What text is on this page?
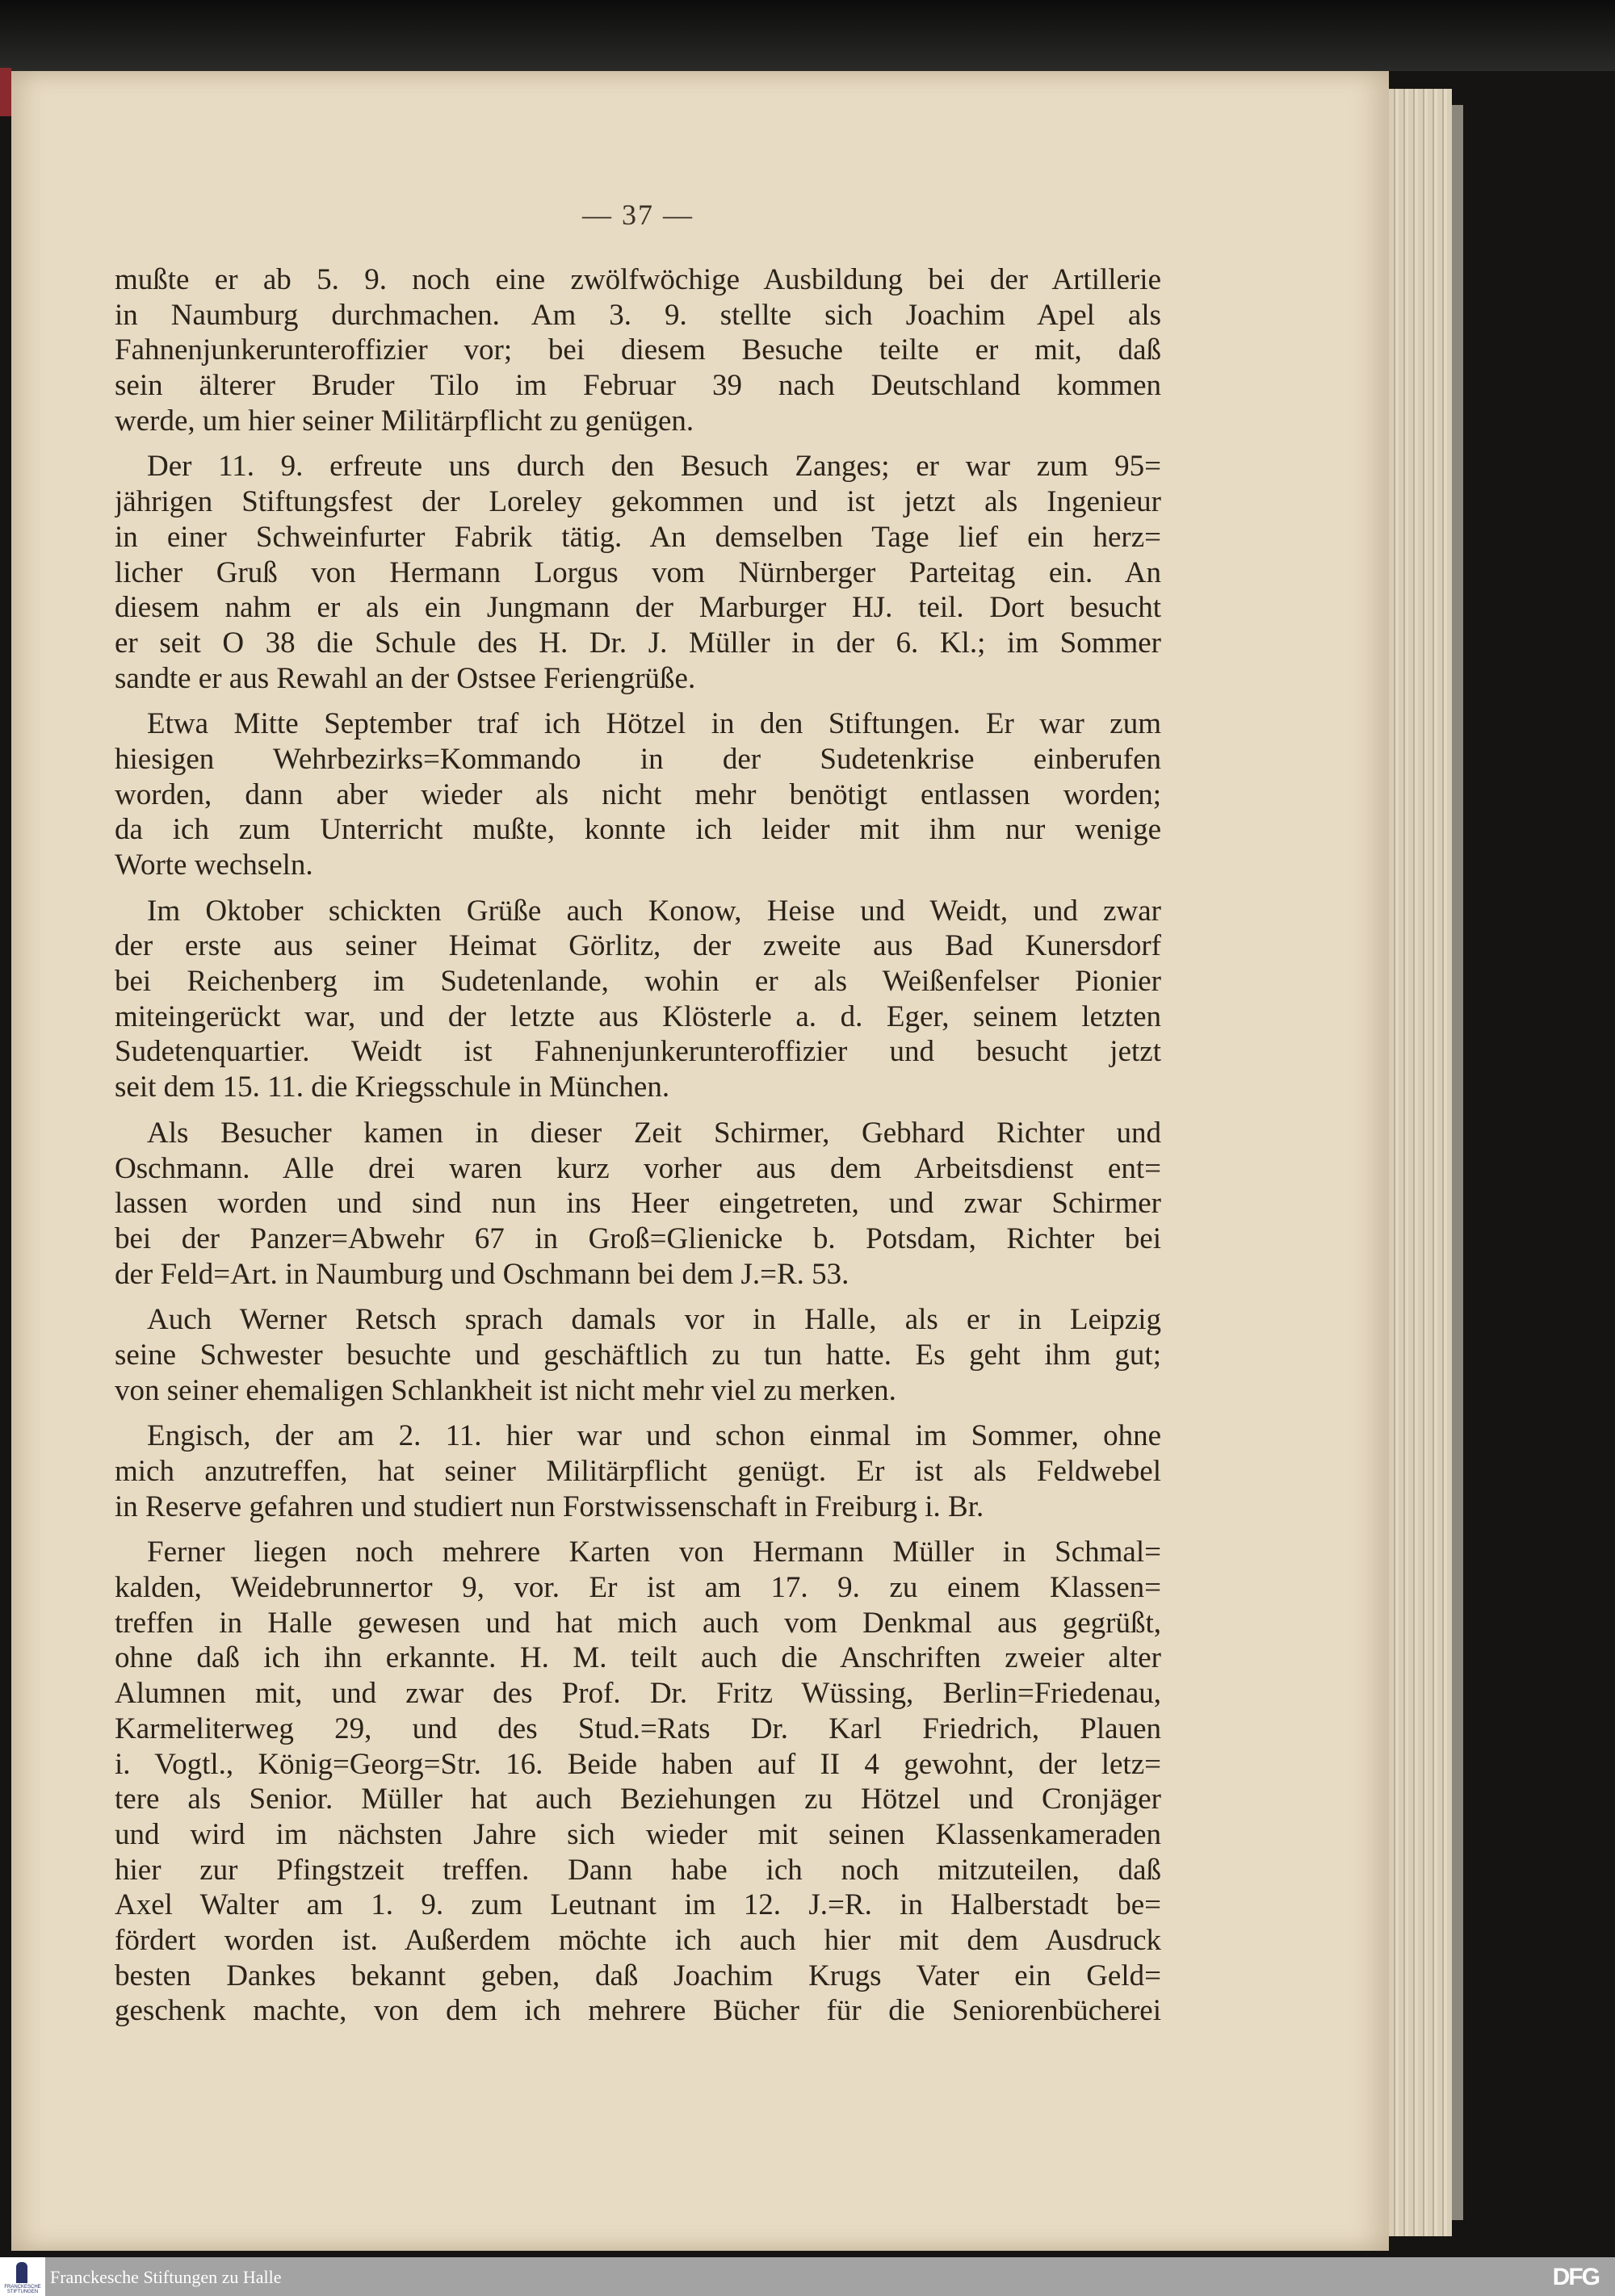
— 37 —
mußte er ab 5. 9. noch eine zwölfwöchige Ausbildung bei der Artillerie
in Naumburg durchmachen. Am 3. 9. stellte sich Joachim Apel als
Fahnenjunkerunteroffizier vor; bei diesem Besuche teilte er mit, daß
sein älterer Bruder Tilo im Februar 39 nach Deutschland kommen
werde, um hier seiner Militärpflicht zu genügen.
Der 11. 9. erfreute uns durch den Besuch Zanges; er war zum 95=
jährigen Stiftungsfest der Loreley gekommen und ist jetzt als Ingenieur
in einer Schweinfurter Fabrik tätig. An demselben Tage lief ein herz=
licher Gruß von Hermann Lorgus vom Nürnberger Parteitag ein. An
diesem nahm er als ein Jungmann der Marburger HJ. teil. Dort besucht
er seit O 38 die Schule des H. Dr. J. Müller in der 6. Kl.; im Sommer
sandte er aus Rewahl an der Ostsee Feriengrüße.
Etwa Mitte September traf ich Hötzel in den Stiftungen. Er war zum
hiesigen Wehrbezirks=Kommando in der Sudetenkrise einberufen
worden, dann aber wieder als nicht mehr benötigt entlassen worden;
da ich zum Unterricht mußte, konnte ich leider mit ihm nur wenige
Worte wechseln.
Im Oktober schickten Grüße auch Konow, Heise und Weidt, und zwar
der erste aus seiner Heimat Görlitz, der zweite aus Bad Kunersdorf
bei Reichenberg im Sudetenlande, wohin er als Weißenfelser Pionier
miteingerückt war, und der letzte aus Klösterle a. d. Eger, seinem letzten
Sudetenquartier. Weidt ist Fahnenjunkerunteroffizier und besucht jetzt
seit dem 15. 11. die Kriegsschule in München.
Als Besucher kamen in dieser Zeit Schirmer, Gebhard Richter und
Oschmann. Alle drei waren kurz vorher aus dem Arbeitsdienst ent=
lassen worden und sind nun ins Heer eingetreten, und zwar Schirmer
bei der Panzer=Abwehr 67 in Groß=Glienicke b. Potsdam, Richter bei
der Feld=Art. in Naumburg und Oschmann bei dem J.=R. 53.
Auch Werner Retsch sprach damals vor in Halle, als er in Leipzig
seine Schwester besuchte und geschäftlich zu tun hatte. Es geht ihm gut;
von seiner ehemaligen Schlankheit ist nicht mehr viel zu merken.
Engisch, der am 2. 11. hier war und schon einmal im Sommer, ohne
mich anzutreffen, hat seiner Militärpflicht genügt. Er ist als Feldwebel
in Reserve gefahren und studiert nun Forstwissenschaft in Freiburg i. Br.
Ferner liegen noch mehrere Karten von Hermann Müller in Schmal=
kalden, Weidebrunnertor 9, vor. Er ist am 17. 9. zu einem Klassen=
treffen in Halle gewesen und hat mich auch vom Denkmal aus gegrüßt,
ohne daß ich ihn erkannte. H. M. teilt auch die Anschriften zweier alter
Alumnen mit, und zwar des Prof. Dr. Fritz Wüssing, Berlin=Friedenau,
Karmeliterweg 29, und des Stud.=Rats Dr. Karl Friedrich, Plauen
i. Vogtl., König=Georg=Str. 16. Beide haben auf II 4 gewohnt, der letz=
tere als Senior. Müller hat auch Beziehungen zu Hötzel und Cronjäger
und wird im nächsten Jahre sich wieder mit seinen Klassenkameraden
hier zur Pfingstzeit treffen. Dann habe ich noch mitzuteilen, daß
Axel Walter am 1. 9. zum Leutnant im 12. J.=R. in Halberstadt be=
fördert worden ist. Außerdem möchte ich auch hier mit dem Ausdruck
besten Dankes bekannt geben, daß Joachim Krugs Vater ein Geld=
geschenk machte, von dem ich mehrere Bücher für die Seniorenbücherei
FRANCKESCHE STIFTUNGEN
Franckesche Stiftungen zu Halle	DFG
